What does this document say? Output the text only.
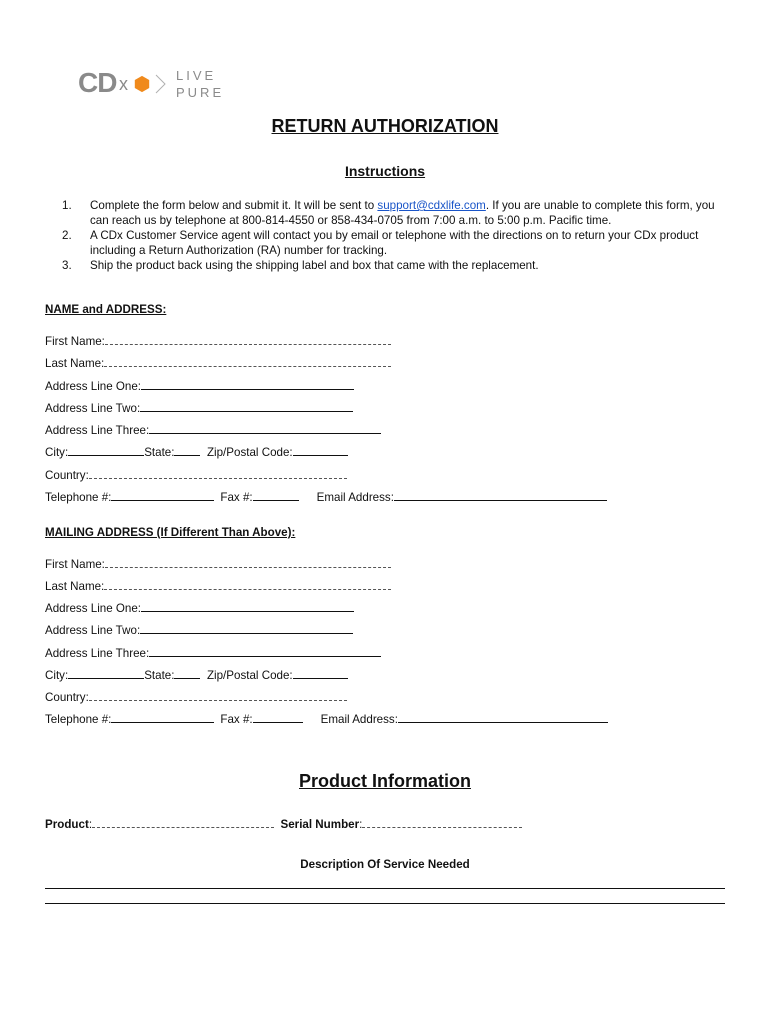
CD x	LIVE
PURE
RETURN AUTHORIZATION
Instructions
1.	Complete the form below and submit it. It will be sent to support@cdxlife.com. If you are unable to complete this form, you can reach us by telephone at 800-814-4550 or 858-434-0705 from 7:00 a.m. to 5:00 p.m. Pacific time.
2.	A CDx Customer Service agent will contact you by email or telephone with the directions on to return your CDx product including a Return Authorization (RA) number for tracking.
3.	Ship the product back using the shipping label and box that came with the replacement.
NAME and ADDRESS:
First Name:
Last Name:
Address Line One:
Address Line Two:
Address Line Three:
City:	State:	Zip/Postal Code:
Country:
Telephone #:	Fax #:	Email Address:
MAILING ADDRESS (If Different Than Above):
First Name:
Last Name:
Address Line One:
Address Line Two:
Address Line Three:
City:	State:	Zip/Postal Code:
Country:
Telephone #:	Fax #:	Email Address:
Product Information
Product:	Serial Number:
Description Of Service Needed
